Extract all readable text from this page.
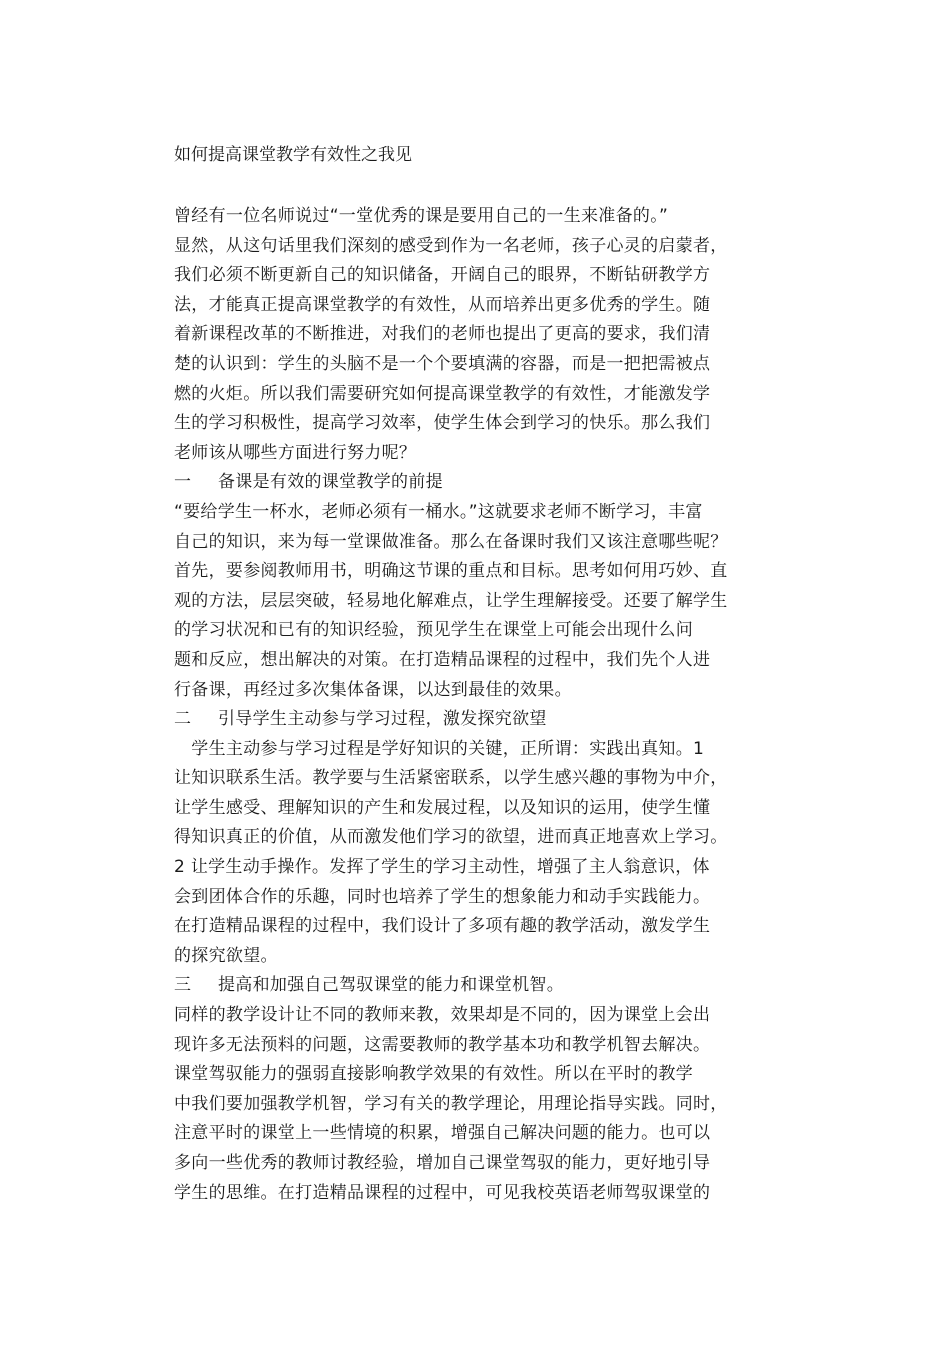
如何提高课堂教学有效性之我见
曾经有一位名师说过“一堂优秀的课是要用自己的一生来准备的。”
显然，从这句话里我们深刻的感受到作为一名老师，孩子心灵的启蒙者，
我们必须不断更新自己的知识储备，开阔自己的眼界，不断钻研教学方
法，才能真正提高课堂教学的有效性，从而培养出更多优秀的学生。随
着新课程改革的不断推进，对我们的老师也提出了更高的要求，我们清
楚的认识到：学生的头脑不是一个个要填满的容器，而是一把把需被点
燃的火炬。所以我们需要研究如何提高课堂教学的有效性，才能激发学
生的学习积极性，提高学习效率，使学生体会到学习的快乐。那么我们
老师该从哪些方面进行努力呢？
一 备课是有效的课堂教学的前提
“要给学生一杯水，老师必须有一桶水。”这就要求老师不断学习，丰富
自己的知识，来为每一堂课做准备。那么在备课时我们又该注意哪些呢？
首先，要参阅教师用书，明确这节课的重点和目标。思考如何用巧妙、直
观的方法，层层突破，轻易地化解难点，让学生理解接受。还要了解学生
的学习状况和已有的知识经验，预见学生在课堂上可能会出现什么问
题和反应，想出解决的对策。在打造精品课程的过程中，我们先个人进
行备课，再经过多次集体备课，以达到最佳的效果。
二 引导学生主动参与学习过程，激发探究欲望
　学生主动参与学习过程是学好知识的关键，正所谓：实践出真知。1
让知识联系生活。教学要与生活紧密联系，以学生感兴趣的事物为中介，
让学生感受、理解知识的产生和发展过程，以及知识的运用，使学生懂
得知识真正的价值，从而激发他们学习的欲望，进而真正地喜欢上学习。
2 让学生动手操作。发挥了学生的学习主动性，增强了主人翁意识，体
会到团体合作的乐趣，同时也培养了学生的想象能力和动手实践能力。
在打造精品课程的过程中，我们设计了多项有趣的教学活动，激发学生
的探究欲望。
三 提高和加强自己驾驭课堂的能力和课堂机智。
同样的教学设计让不同的教师来教，效果却是不同的，因为课堂上会出
现许多无法预料的问题，这需要教师的教学基本功和教学机智去解决。
课堂驾驭能力的强弱直接影响教学效果的有效性。所以在平时的教学
中我们要加强教学机智，学习有关的教学理论，用理论指导实践。同时，
注意平时的课堂上一些情境的积累，增强自己解决问题的能力。也可以
多向一些优秀的教师讨教经验，增加自己课堂驾驭的能力，更好地引导
学生的思维。在打造精品课程的过程中，可见我校英语老师驾驭课堂的
